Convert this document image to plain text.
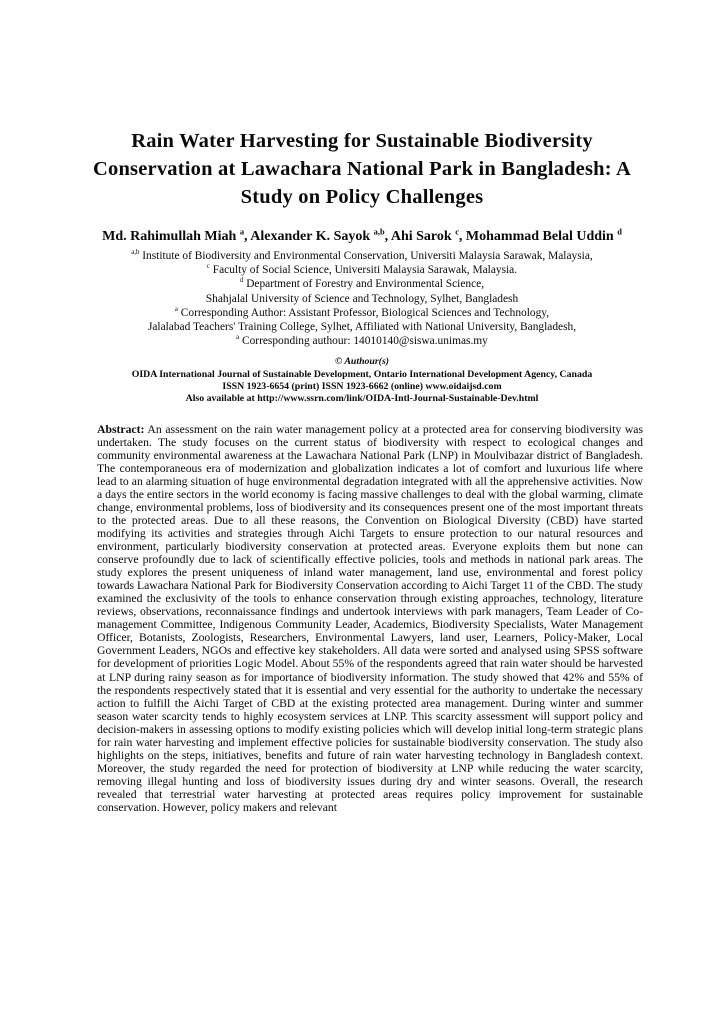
Rain Water Harvesting for Sustainable Biodiversity
Conservation at Lawachara National Park in Bangladesh: A
Study on Policy Challenges
Md. Rahimullah Miah $^a$, Alexander K. Sayok $^{a,b}$, Ahi Sarok $^c$, Mohammad Belal Uddin $^d$
$^{a,b}$ Institute of Biodiversity and Environmental Conservation, Universiti Malaysia Sarawak, Malaysia,
$^c$ Faculty of Social Science, Universiti Malaysia Sarawak, Malaysia.
$^d$ Department of Forestry and Environmental Science,
Shahjalal University of Science and Technology, Sylhet, Bangladesh
$^a$ Corresponding Author: Assistant Professor, Biological Sciences and Technology,
Jalalabad Teachers' Training College, Sylhet, Affiliated with National University, Bangladesh,
$^a$ Corresponding authour: 14010140@siswa.unimas.my
© Authour(s)
OIDA International Journal of Sustainable Development, Ontario International Development Agency, Canada
ISSN 1923-6654 (print) ISSN 1923-6662 (online) www.oidaijsd.com
Also available at http://www.ssrn.com/link/OIDA-Intl-Journal-Sustainable-Dev.html

Abstract: An assessment on the rain water management policy at a protected area for conserving biodiversity was undertaken. The study focuses on the current status of biodiversity with respect to ecological changes and community environmental awareness at the Lawachara National Park (LNP) in Moulvibazar district of Bangladesh. The contemporaneous era of modernization and globalization indicates a lot of comfort and luxurious life where lead to an alarming situation of huge environmental degradation integrated with all the apprehensive activities. Now a days the entire sectors in the world economy is facing massive challenges to deal with the global warming, climate change, environmental problems, loss of biodiversity and its consequences present one of the most important threats to the protected areas. Due to all these reasons, the Convention on Biological Diversity (CBD) have started modifying its activities and strategies through Aichi Targets to ensure protection to our natural resources and environment, particularly biodiversity conservation at protected areas. Everyone exploits them but none can conserve profoundly due to lack of scientifically effective policies, tools and methods in national park areas. The study explores the present uniqueness of inland water management, land use, environmental and forest policy towards Lawachara National Park for Biodiversity Conservation according to Aichi Target 11 of the CBD. The study examined the exclusivity of the tools to enhance conservation through existing approaches, technology, literature reviews, observations, reconnaissance findings and undertook interviews with park managers, Team Leader of Co-management Committee, Indigenous Community Leader, Academics, Biodiversity Specialists, Water Management Officer, Botanists, Zoologists, Researchers, Environmental Lawyers, land user, Learners, Policy-Maker, Local Government Leaders, NGOs and effective key stakeholders. All data were sorted and analysed using SPSS software for development of priorities Logic Model. About 55% of the respondents agreed that rain water should be harvested at LNP during rainy season as for importance of biodiversity information. The study showed that 42% and 55% of the respondents respectively stated that it is essential and very essential for the authority to undertake the necessary action to fulfill the Aichi Target of CBD at the existing protected area management. During winter and summer season water scarcity tends to highly ecosystem services at LNP. This scarcity assessment will support policy and decision-makers in assessing options to modify existing policies which will develop initial long-term strategic plans for rain water harvesting and implement effective policies for sustainable biodiversity conservation. The study also highlights on the steps, initiatives, benefits and future of rain water harvesting technology in Bangladesh context. Moreover, the study regarded the need for protection of biodiversity at LNP while reducing the water scarcity, removing illegal hunting and loss of biodiversity issues during dry and winter seasons. Overall, the research revealed that terrestrial water harvesting at protected areas requires policy improvement for sustainable conservation. However, policy makers and relevant
